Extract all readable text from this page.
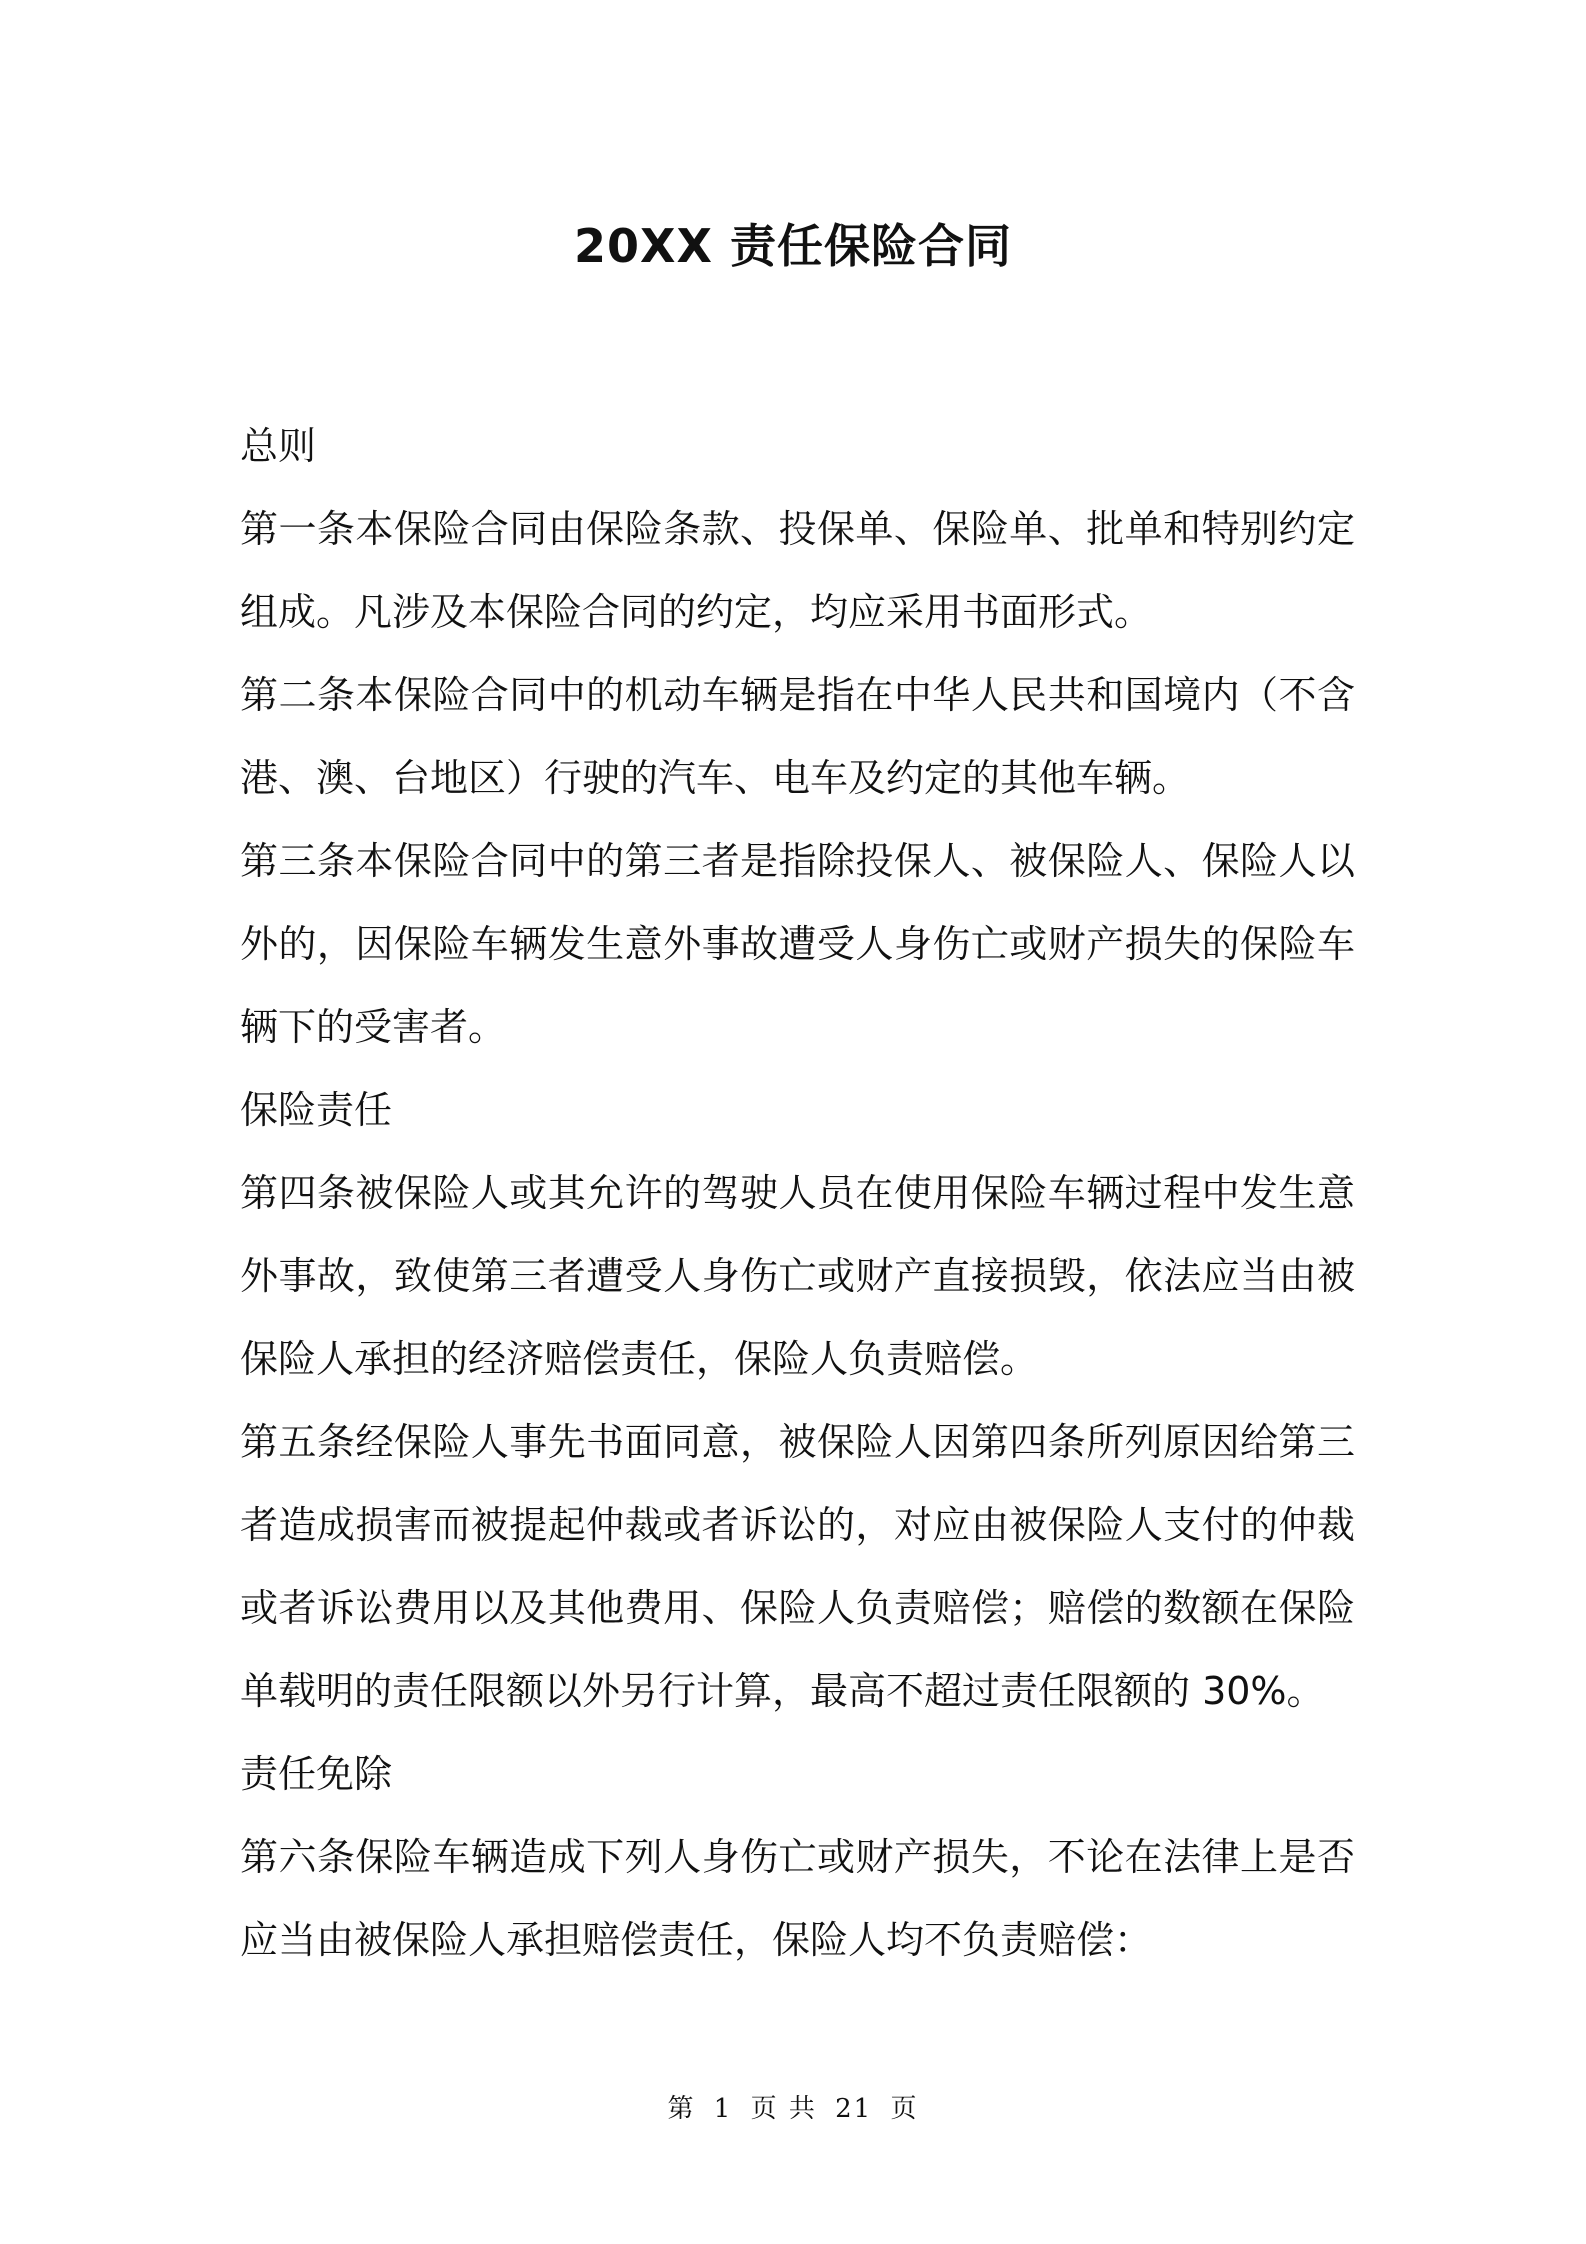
20XX 责任保险合同

总则

第一条本保险合同由保险条款、投保单、保险单、批单和特别约定组成。凡涉及本保险合同的约定，均应采用书面形式。

第二条本保险合同中的机动车辆是指在中华人民共和国境内（不含港、澳、台地区）行驶的汽车、电车及约定的其他车辆。

第三条本保险合同中的第三者是指除投保人、被保险人、保险人以外的，因保险车辆发生意外事故遭受人身伤亡或财产损失的保险车辆下的受害者。

保险责任

第四条被保险人或其允许的驾驶人员在使用保险车辆过程中发生意外事故，致使第三者遭受人身伤亡或财产直接损毁，依法应当由被保险人承担的经济赔偿责任，保险人负责赔偿。

第五条经保险人事先书面同意，被保险人因第四条所列原因给第三者造成损害而被提起仲裁或者诉讼的，对应由被保险人支付的仲裁或者诉讼费用以及其他费用、保险人负责赔偿；赔偿的数额在保险单载明的责任限额以外另行计算，最高不超过责任限额的 30%。

责任免除

第六条保险车辆造成下列人身伤亡或财产损失，不论在法律上是否应当由被保险人承担赔偿责任，保险人均不负责赔偿：

第 1 页 共 21 页
